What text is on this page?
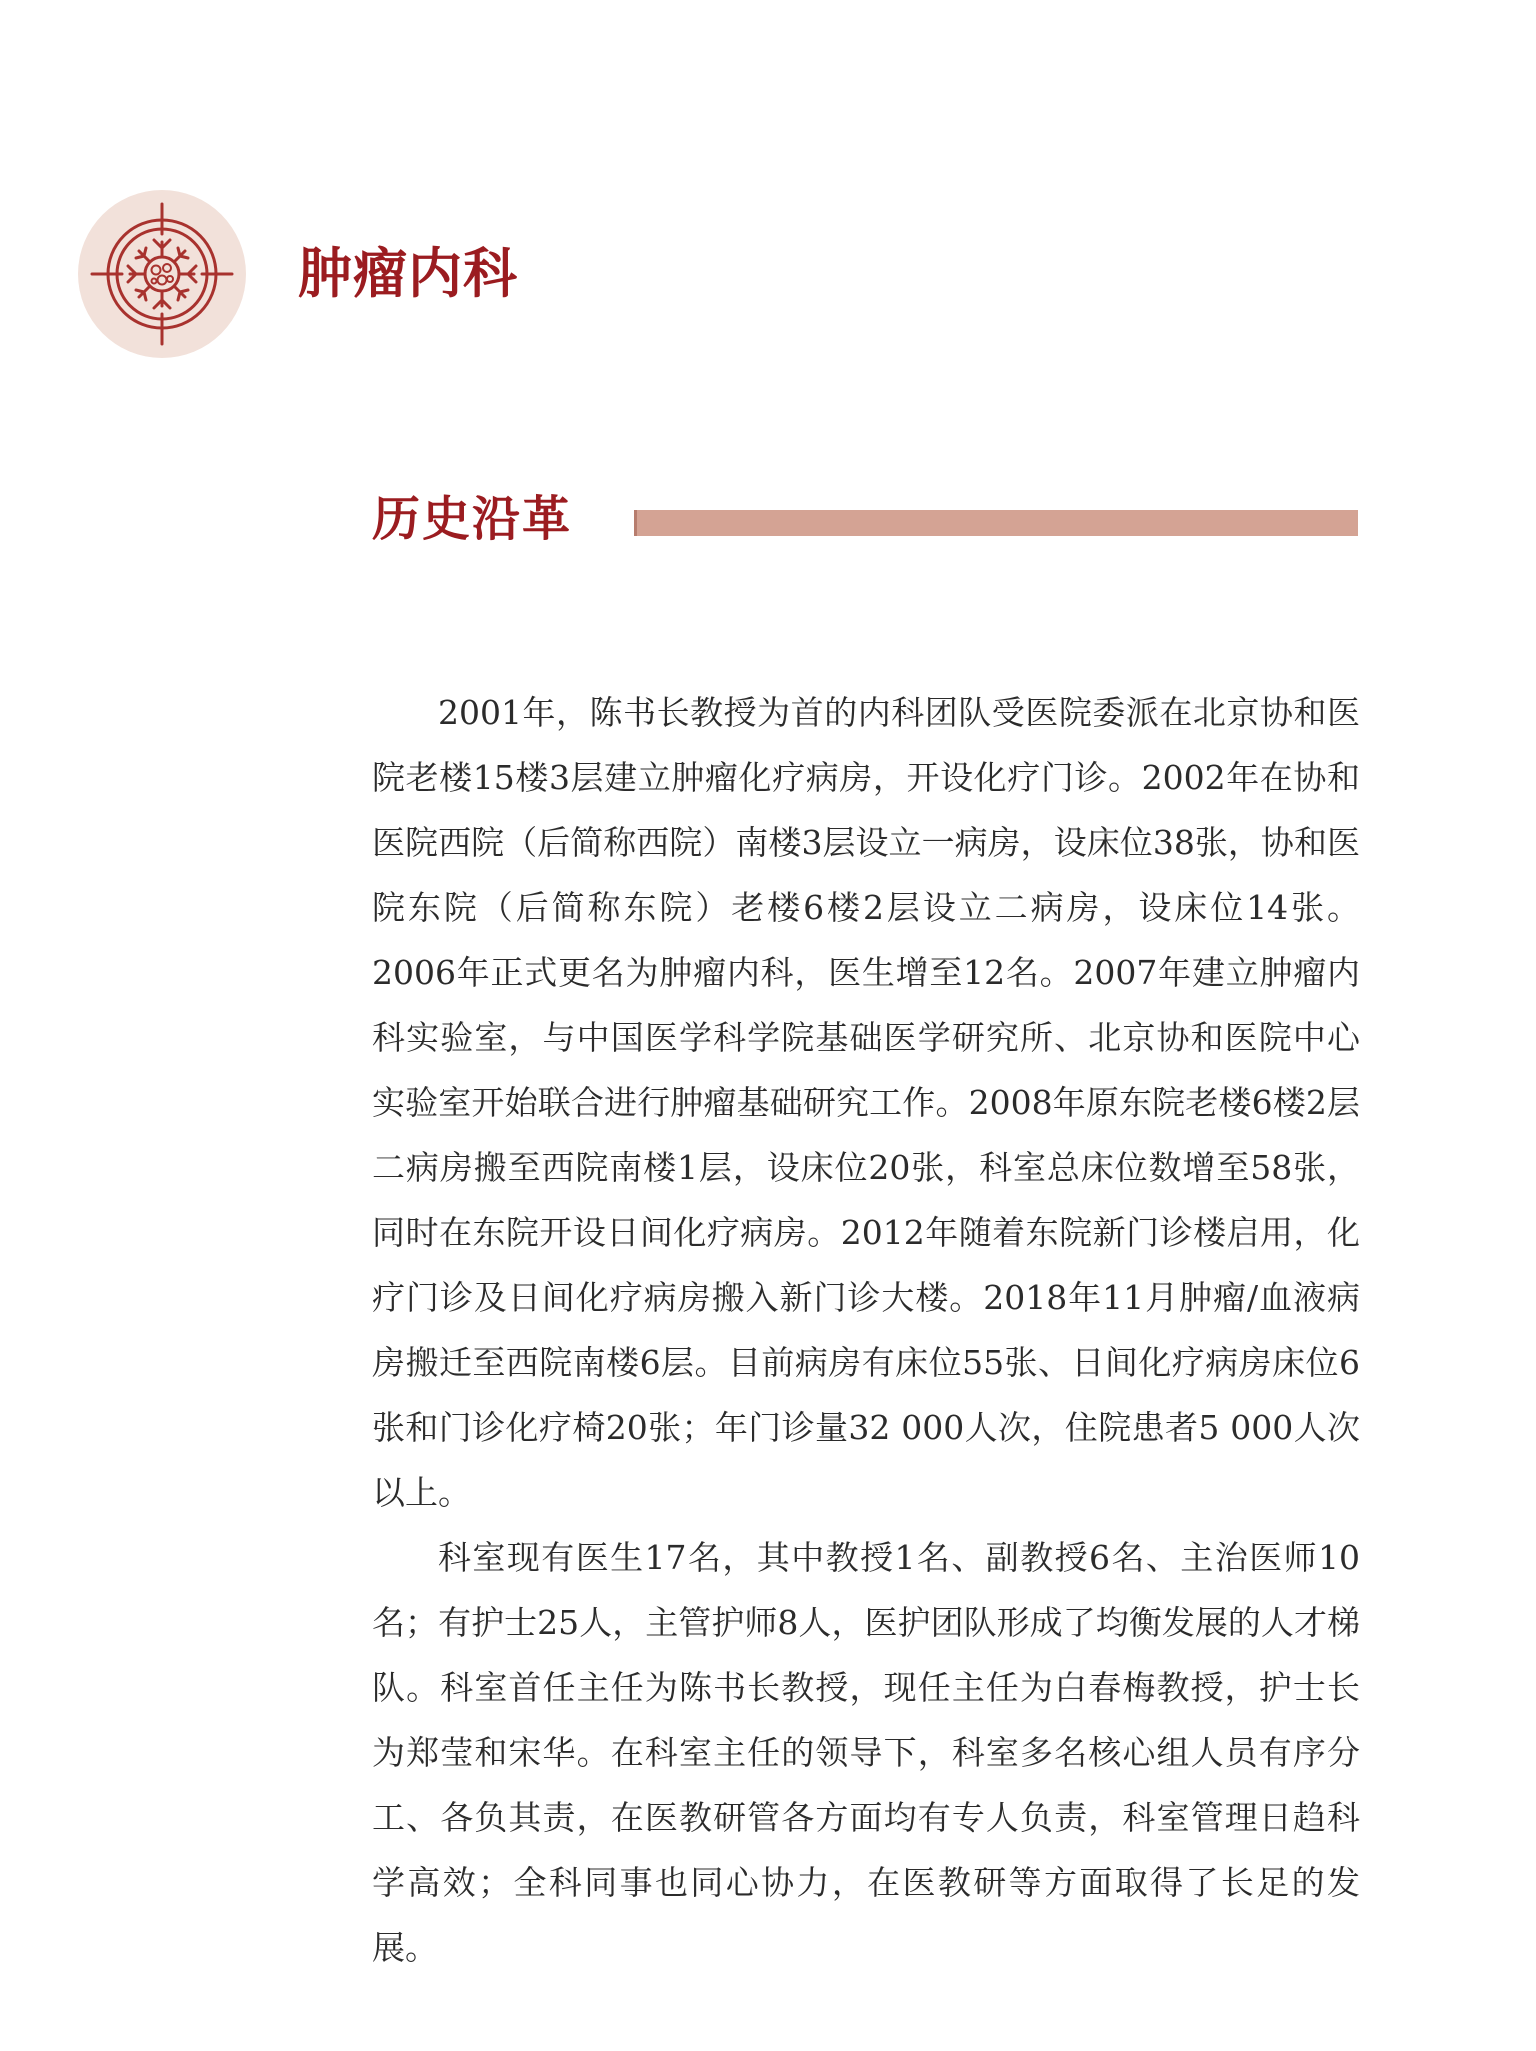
肿瘤内科
历史沿革

2001年，陈书长教授为首的内科团队受医院委派在北京协和医院老楼15楼3层建立肿瘤化疗病房，开设化疗门诊。2002年在协和医院西院（后简称西院）南楼3层设立一病房，设床位38张，协和医院东院（后简称东院）老楼6楼2层设立二病房，设床位14张。2006年正式更名为肿瘤内科，医生增至12名。2007年建立肿瘤内科实验室，与中国医学科学院基础医学研究所、北京协和医院中心实验室开始联合进行肿瘤基础研究工作。2008年原东院老楼6楼2层二病房搬至西院南楼1层，设床位20张，科室总床位数增至58张，同时在东院开设日间化疗病房。2012年随着东院新门诊楼启用，化疗门诊及日间化疗病房搬入新门诊大楼。2018年11月肿瘤/血液病房搬迁至西院南楼6层。目前病房有床位55张、日间化疗病房床位6张和门诊化疗椅20张；年门诊量32 000人次，住院患者5 000人次以上。

科室现有医生17名，其中教授1名、副教授6名、主治医师10名；有护士25人，主管护师8人，医护团队形成了均衡发展的人才梯队。科室首任主任为陈书长教授，现任主任为白春梅教授，护士长为郑莹和宋华。在科室主任的领导下，科室多名核心组人员有序分工、各负其责，在医教研管各方面均有专人负责，科室管理日趋科学高效；全科同事也同心协力，在医教研等方面取得了长足的发展。
